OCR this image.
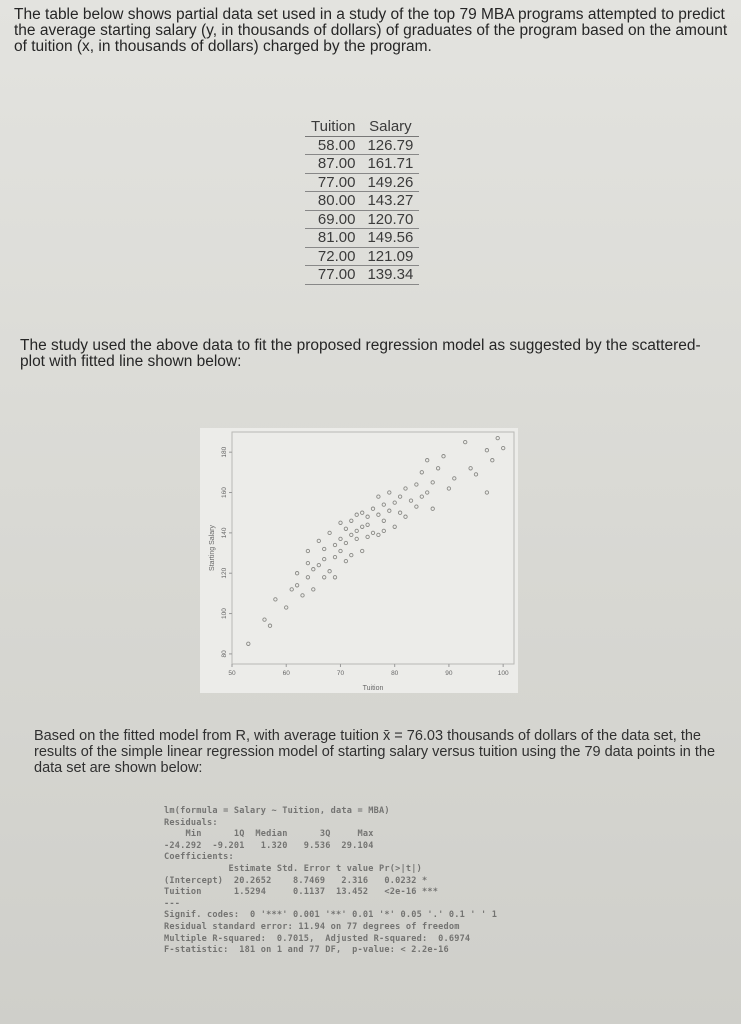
The table below shows partial data set used in a study of the top 79 MBA programs attempted to predict the average starting salary (y, in thousands of dollars) of graduates of the program based on the amount of tuition (x, in thousands of dollars) charged by the program.
Tuition	Salary
58.00	126.79
87.00	161.71
77.00	149.26
80.00	143.27
69.00	120.70
81.00	149.56
72.00	121.09
77.00	139.34
The study used the above data to fit the proposed regression model as suggested by the scattered-plot with fitted line shown below:
80
100
120
140
160
180
50	60	70	80	90	100
Starting Salary
Tuition
Based on the fitted model from R, with average tuition x̄ = 76.03 thousands of dollars of the data set, the results of the simple linear regression model of starting salary versus tuition using the 79 data points in the data set are shown below:
lm(formula = Salary ~ Tuition, data = MBA)
Residuals:
Min      1Q  Median      3Q     Max
-24.292  -9.201   1.320   9.536  29.104
Coefficients:
Estimate Std. Error t value Pr(>|t|)
(Intercept)  20.2652    8.7469   2.316   0.0232 *
Tuition      1.5294     0.1137  13.452   <2e-16 ***
---
Signif. codes:  0 '***' 0.001 '**' 0.01 '*' 0.05 '.' 0.1 ' ' 1
Residual standard error: 11.94 on 77 degrees of freedom
Multiple R-squared:  0.7015,  Adjusted R-squared:  0.6974
F-statistic:  181 on 1 and 77 DF,  p-value: < 2.2e-16
